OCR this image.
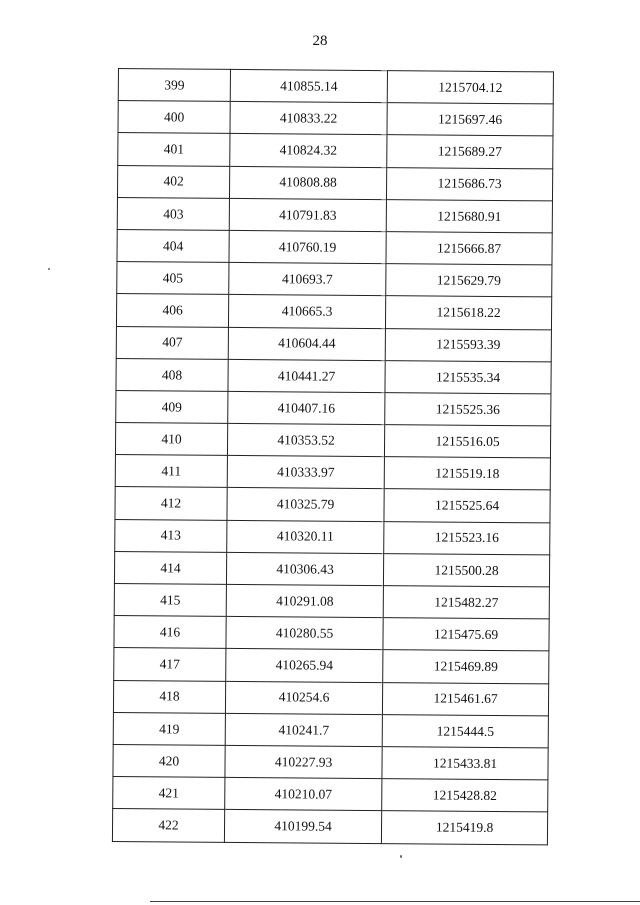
28
399	410855.14	1215704.12
400	410833.22	1215697.46
401	410824.32	1215689.27
402	410808.88	1215686.73
403	410791.83	1215680.91
404	410760.19	1215666.87
405	410693.7	1215629.79
406	410665.3	1215618.22
407	410604.44	1215593.39
408	410441.27	1215535.34
409	410407.16	1215525.36
410	410353.52	1215516.05
411	410333.97	1215519.18
412	410325.79	1215525.64
413	410320.11	1215523.16
414	410306.43	1215500.28
415	410291.08	1215482.27
416	410280.55	1215475.69
417	410265.94	1215469.89
418	410254.6	1215461.67
419	410241.7	1215444.5
420	410227.93	1215433.81
421	410210.07	1215428.82
422	410199.54	1215419.8
